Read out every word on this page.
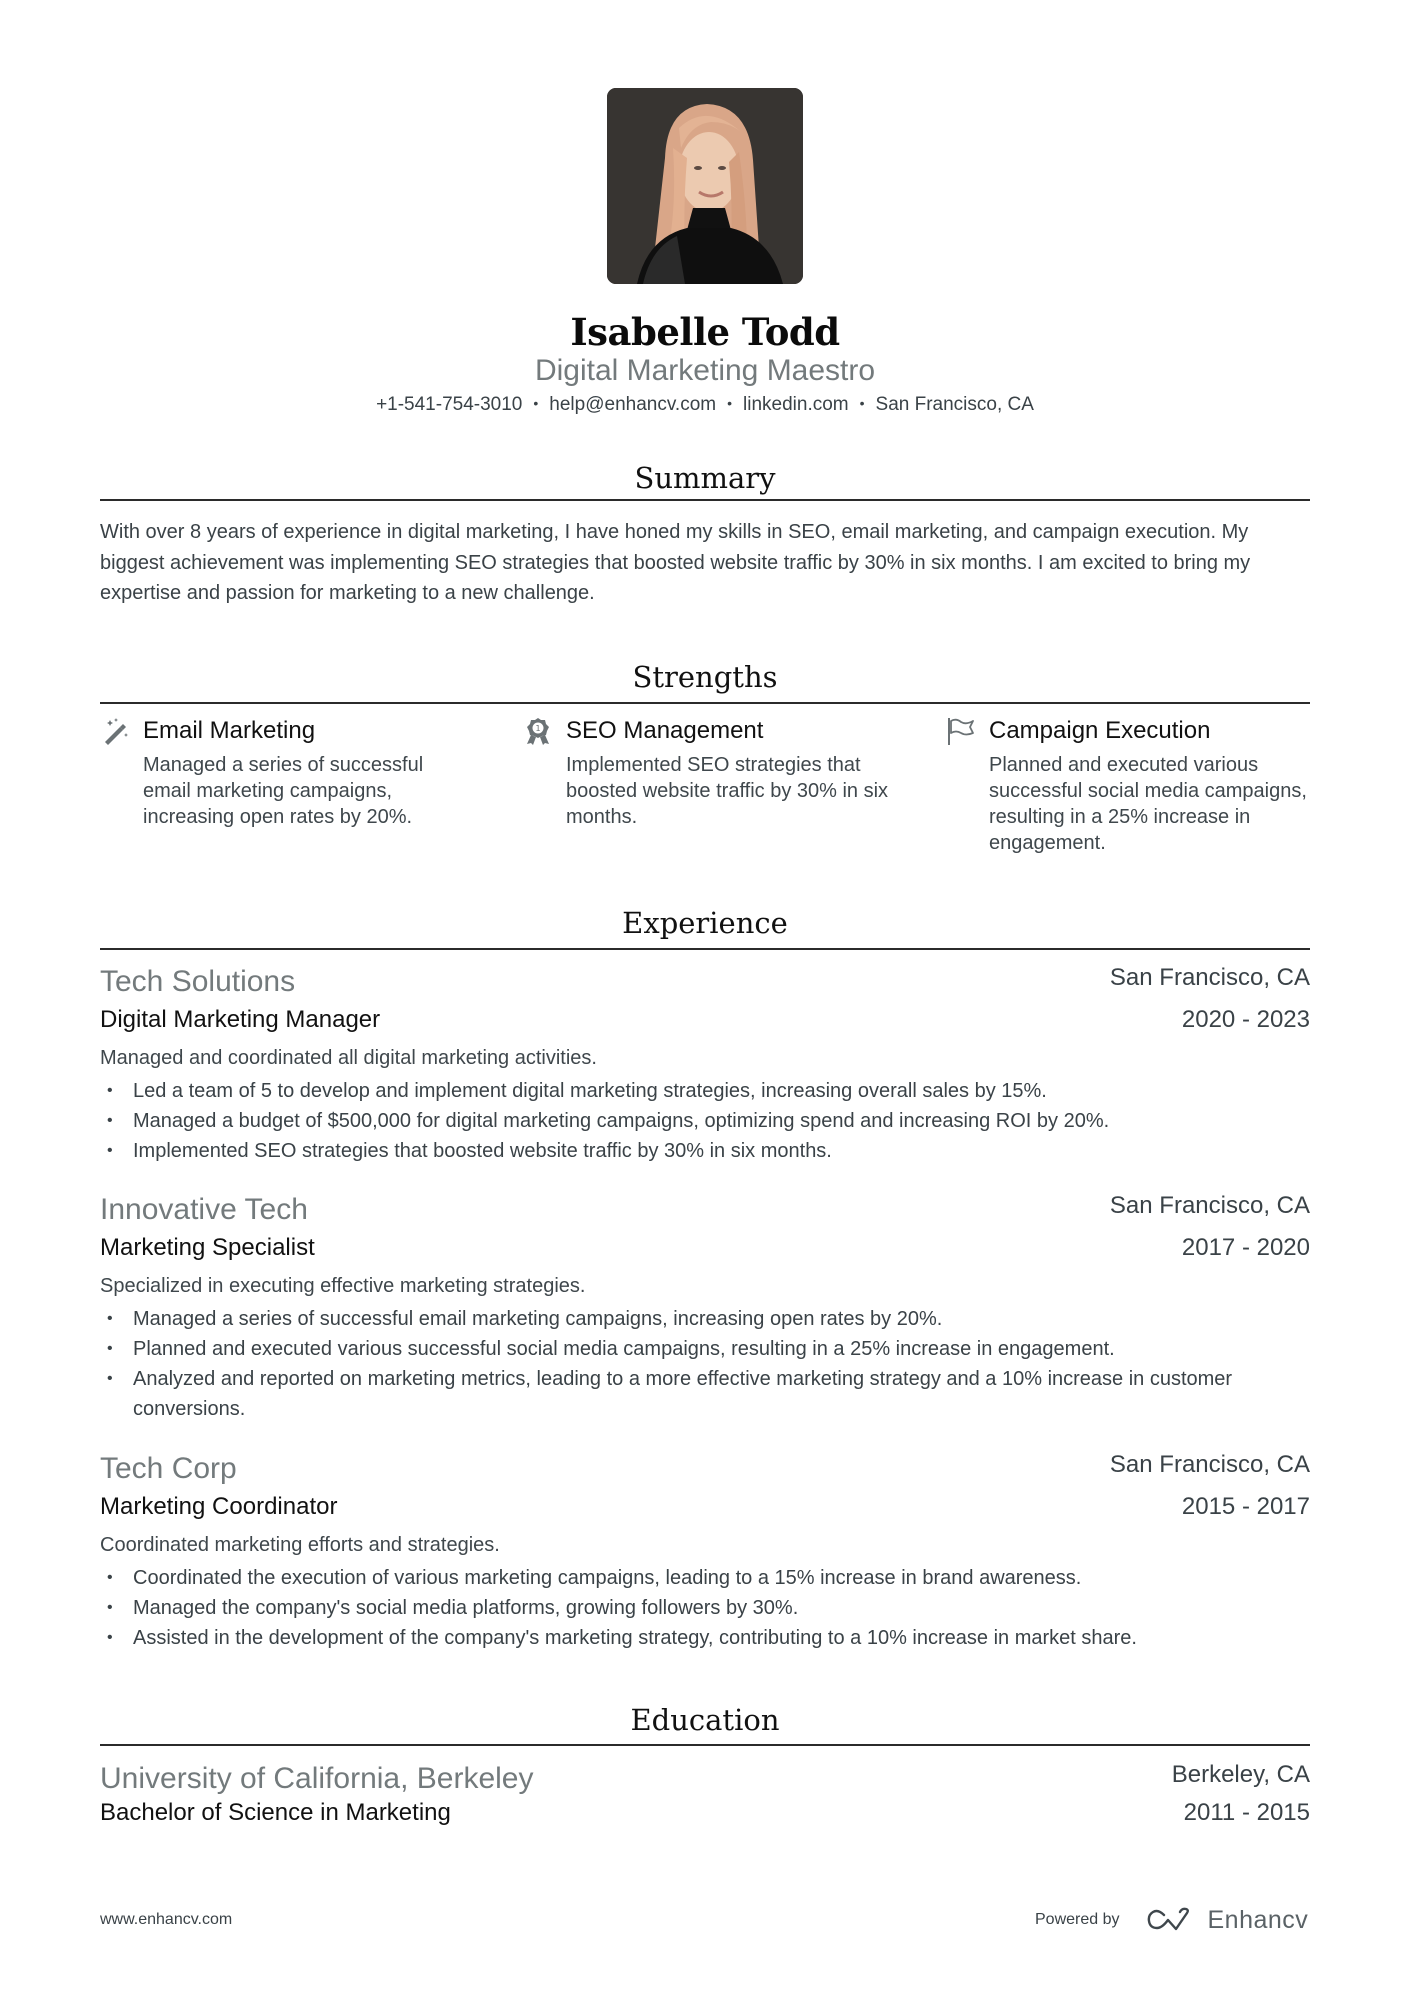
Isabelle Todd
Digital Marketing Maestro
+1-541-754-3010 • help@enhancv.com • linkedin.com • San Francisco, CA
Summary
With over 8 years of experience in digital marketing, I have honed my skills in SEO, email marketing, and campaign execution. My biggest achievement was implementing SEO strategies that boosted website traffic by 30% in six months. I am excited to bring my expertise and passion for marketing to a new challenge.
Strengths
Email Marketing
Managed a series of successful email marketing campaigns, increasing open rates by 20%.
1 SEO Management
Implemented SEO strategies that boosted website traffic by 30% in six months.
Campaign Execution
Planned and executed various successful social media campaigns, resulting in a 25% increase in engagement.
Experience
Tech Solutions	San Francisco, CA
Digital Marketing Manager	2020 - 2023
Managed and coordinated all digital marketing activities.
• Led a team of 5 to develop and implement digital marketing strategies, increasing overall sales by 15%.
• Managed a budget of $500,000 for digital marketing campaigns, optimizing spend and increasing ROI by 20%.
• Implemented SEO strategies that boosted website traffic by 30% in six months.
Innovative Tech	San Francisco, CA
Marketing Specialist	2017 - 2020
Specialized in executing effective marketing strategies.
• Managed a series of successful email marketing campaigns, increasing open rates by 20%.
• Planned and executed various successful social media campaigns, resulting in a 25% increase in engagement.
• Analyzed and reported on marketing metrics, leading to a more effective marketing strategy and a 10% increase in customer conversions.
Tech Corp	San Francisco, CA
Marketing Coordinator	2015 - 2017
Coordinated marketing efforts and strategies.
• Coordinated the execution of various marketing campaigns, leading to a 15% increase in brand awareness.
• Managed the company's social media platforms, growing followers by 30%.
• Assisted in the development of the company's marketing strategy, contributing to a 10% increase in market share.
Education
University of California, Berkeley	Berkeley, CA
Bachelor of Science in Marketing	2011 - 2015
www.enhancv.com	Powered by	Enhancv
